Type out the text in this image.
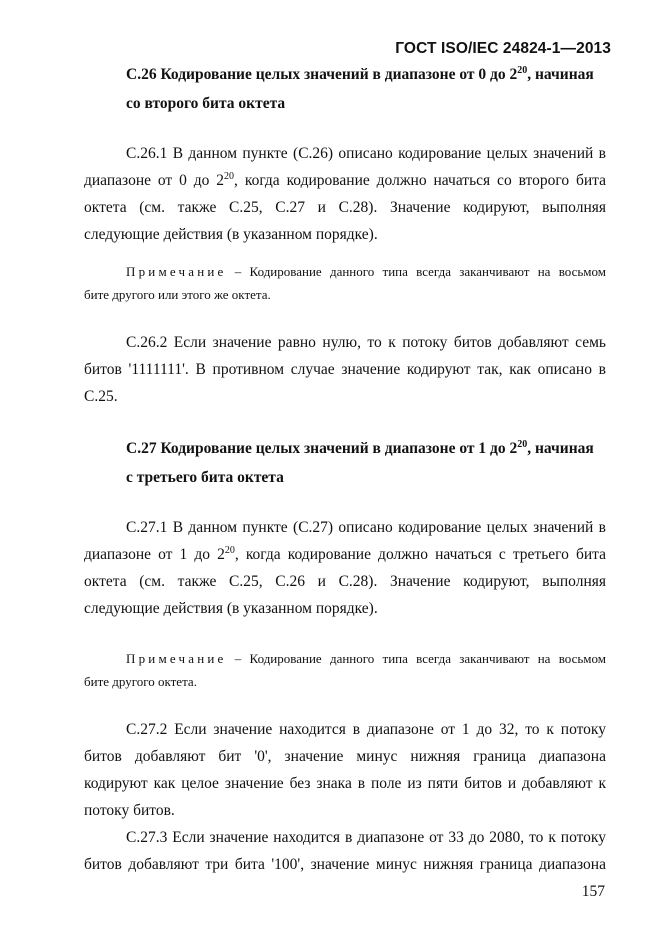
ГОСТ ISO/IEC 24824-1—2013
C.26 Кодирование целых значений в диапазоне от 0 до $2^{20}$, начиная
со второго бита октета
C.26.1 В данном пункте (C.26) описано кодирование целых значений в
диапазоне от 0 до $2^{20}$, когда кодирование должно начаться со второго бита
октета (см. также C.25, C.27 и C.28). Значение кодируют, выполняя
следующие действия (в указанном порядке).
Примечание – Кодирование данного типа всегда заканчивают на восьмом
бите другого или этого же октета.
C.26.2 Если значение равно нулю, то к потоку битов добавляют семь
битов '1111111'. В противном случае значение кодируют так, как описано в
C.25.
C.27 Кодирование целых значений в диапазоне от 1 до $2^{20}$, начиная
с третьего бита октета
C.27.1 В данном пункте (C.27) описано кодирование целых значений в
диапазоне от 1 до $2^{20}$, когда кодирование должно начаться с третьего бита
октета (см. также C.25, C.26 и C.28). Значение кодируют, выполняя
следующие действия (в указанном порядке).
Примечание – Кодирование данного типа всегда заканчивают на восьмом
бите другого октета.
C.27.2 Если значение находится в диапазоне от 1 до 32, то к потоку
битов добавляют бит '0', значение минус нижняя граница диапазона
кодируют как целое значение без знака в поле из пяти битов и добавляют к
потоку битов.
C.27.3 Если значение находится в диапазоне от 33 до 2080, то к потоку
битов добавляют три бита '100', значение минус нижняя граница диапазона
157
